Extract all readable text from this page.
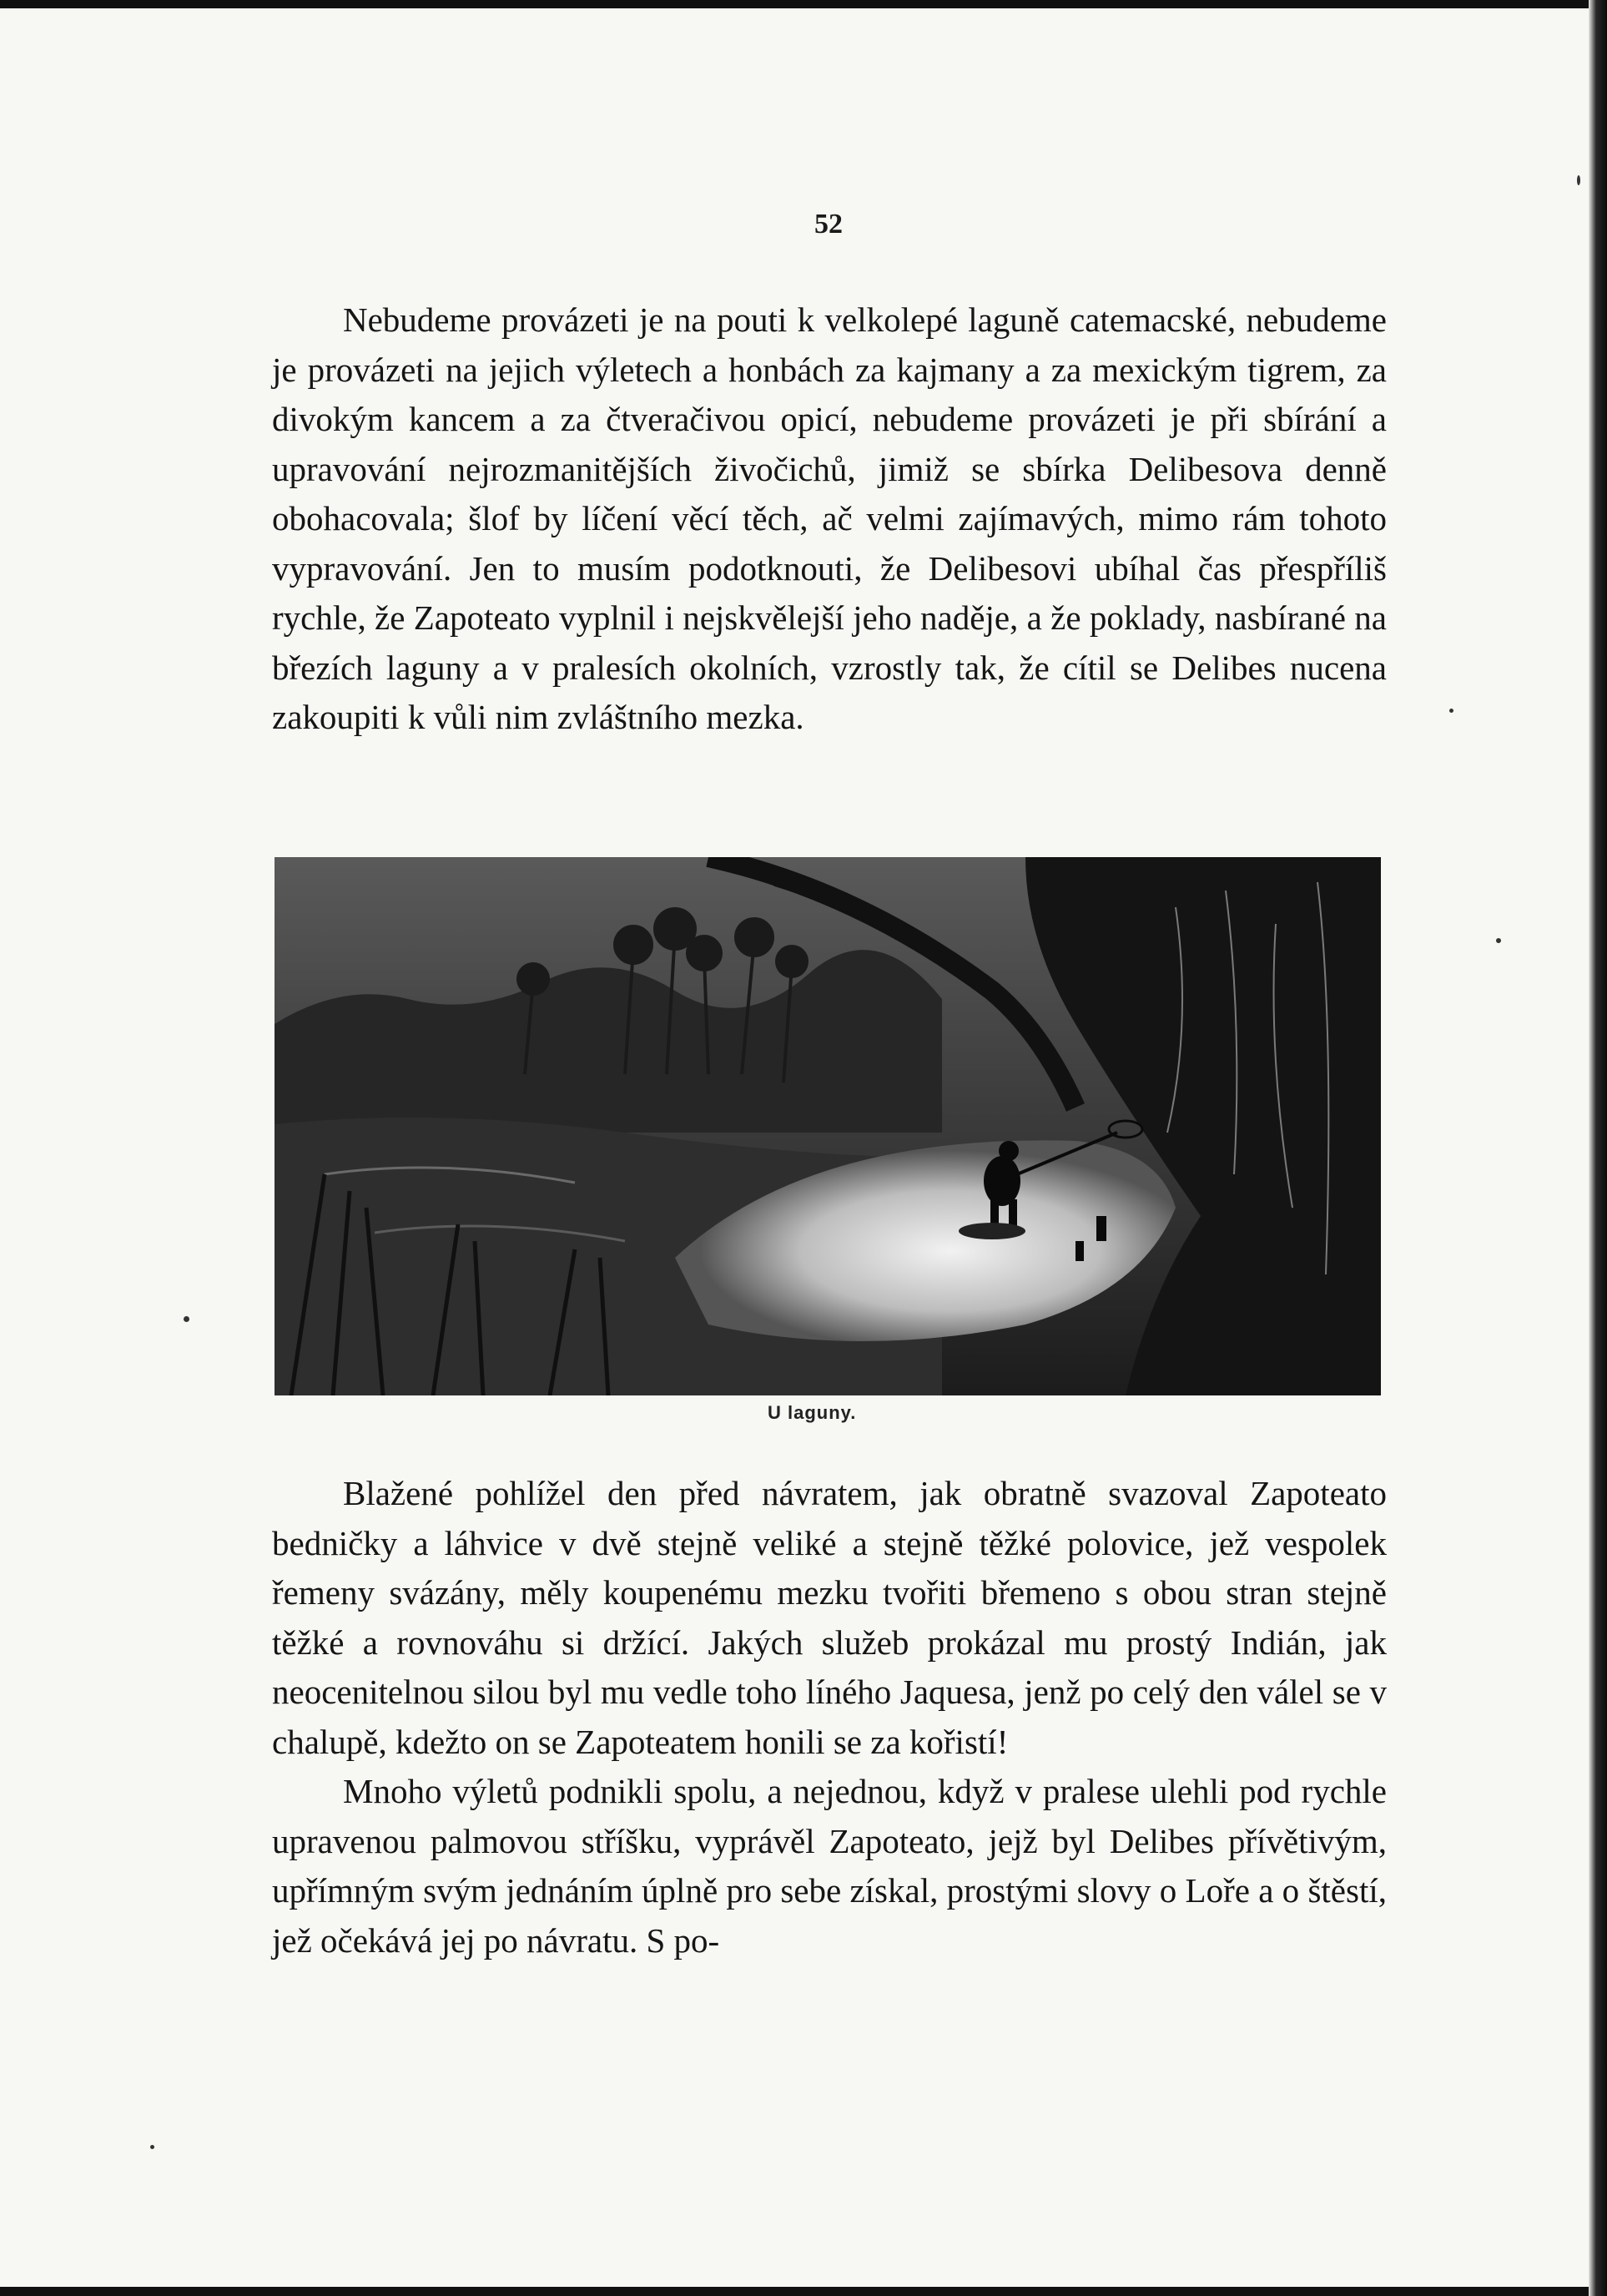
52

Nebudeme provázeti je na pouti k velkolepé laguně catemacské, nebudeme je provázeti na jejich výletech a honbách za kajmany a za mexickým tigrem, za divokým kancem a za čtveračivou opicí, nebudeme provázeti je při sbírání a upravování nejrozmanitějších živočichů, jimiž se sbírka Delibesova denně obohacovala; šlof by líčení věcí těch, ač velmi zajímavých, mimo rám tohoto vypravování. Jen to musím podotknouti, že Delibesovi ubíhal čas přespříliš rychle, že Zapoteato vyplnil i nejskvělejší jeho naděje, a že poklady, nasbírané na březích laguny a v pralesích okolních, vzrostly tak, že cítil se Delibes nucena zakoupiti k vůli nim zvláštního mezka.

U laguny.

Blažené pohlížel den před návratem, jak obratně svazoval Zapoteato bedničky a láhvice v dvě stejně veliké a stejně těžké polovice, jež vespolek řemeny svázány, měly koupenému mezku tvořiti břemeno s obou stran stejně těžké a rovnováhu si držící. Jakých služeb prokázal mu prostý Indián, jak neocenitelnou silou byl mu vedle toho líného Jaquesa, jenž po celý den válel se v chalupě, kdežto on se Zapoteatem honili se za kořistí!

Mnoho výletů podnikli spolu, a nejednou, když v pralese ulehli pod rychle upravenou palmovou stříšku, vyprávěl Zapoteato, jejž byl Delibes přívětivým, upřímným svým jednáním úplně pro sebe získal, prostými slovy o Loře a o štěstí, jež očekává jej po návratu. S po-
